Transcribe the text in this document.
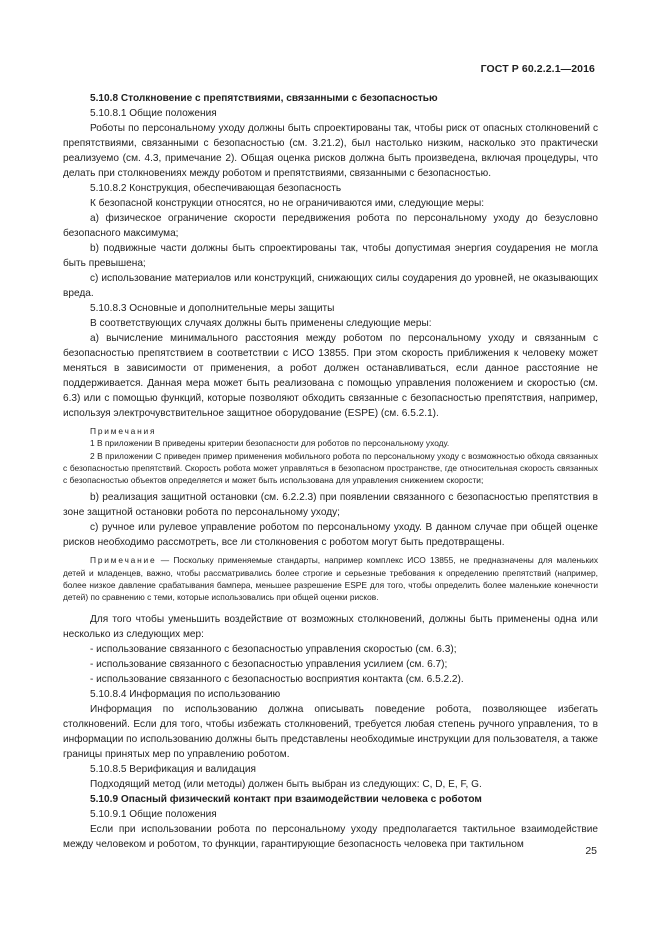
ГОСТ Р 60.2.2.1—2016

5.10.8 Столкновение с препятствиями, связанными с безопасностью

5.10.8.1 Общие положения

Роботы по персональному уходу должны быть спроектированы так, чтобы риск от опасных столкновений с препятствиями, связанными с безопасностью (см. 3.21.2), был настолько низким, насколько это практически реализуемо (см. 4.3, примечание 2). Общая оценка рисков должна быть произведена, включая процедуры, что делать при столкновениях между роботом и препятствиями, связанными с безопасностью.

5.10.8.2 Конструкция, обеспечивающая безопасность

К безопасной конструкции относятся, но не ограничиваются ими, следующие меры:

а) физическое ограничение скорости передвижения робота по персональному уходу до безусловно безопасного максимума;

b) подвижные части должны быть спроектированы так, чтобы допустимая энергия соударения не могла быть превышена;

c) использование материалов или конструкций, снижающих силы соударения до уровней, не оказывающих вреда.

5.10.8.3 Основные и дополнительные меры защиты

В соответствующих случаях должны быть применены следующие меры:

а) вычисление минимального расстояния между роботом по персональному уходу и связанным с безопасностью препятствием в соответствии с ИСО 13855. При этом скорость приближения к человеку может меняться в зависимости от применения, а робот должен останавливаться, если данное расстояние не поддерживается. Данная мера может быть реализована с помощью управления положением и скоростью (см. 6.3) или с помощью функций, которые позволяют обходить связанные с безопасностью препятствия, например, используя электрочувствительное защитное оборудование (ESPE) (см. 6.5.2.1).

Примечания

1 В приложении В приведены критерии безопасности для роботов по персональному уходу.

2 В приложении С приведен пример применения мобильного робота по персональному уходу с возможностью обхода связанных с безопасностью препятствий. Скорость робота может управляться в безопасном пространстве, где относительная скорость связанных с безопасностью объектов определяется и может быть использована для управления снижением скорости;

b) реализация защитной остановки (см. 6.2.2.3) при появлении связанного с безопасностью препятствия в зоне защитной остановки робота по персональному уходу;

c) ручное или рулевое управление роботом по персональному уходу. В данном случае при общей оценке рисков необходимо рассмотреть, все ли столкновения с роботом могут быть предотвращены.

Примечание — Поскольку применяемые стандарты, например комплекс ИСО 13855, не предназначены для маленьких детей и младенцев, важно, чтобы рассматривались более строгие и серьезные требования к определению препятствий (например, более низкое давление срабатывания бампера, меньшее разрешение ESPE для того, чтобы определить более маленькие конечности детей) по сравнению с теми, которые использовались при общей оценки рисков.

Для того чтобы уменьшить воздействие от возможных столкновений, должны быть применены одна или несколько из следующих мер:

- использование связанного с безопасностью управления скоростью (см. 6.3);

- использование связанного с безопасностью управления усилием (см. 6.7);

- использование связанного с безопасностью восприятия контакта (см. 6.5.2.2).

5.10.8.4 Информация по использованию

Информация по использованию должна описывать поведение робота, позволяющее избегать столкновений. Если для того, чтобы избежать столкновений, требуется любая степень ручного управления, то в информации по использованию должны быть представлены необходимые инструкции для пользователя, а также границы принятых мер по управлению роботом.

5.10.8.5 Верификация и валидация

Подходящий метод (или методы) должен быть выбран из следующих: С, D, E, F, G.

5.10.9 Опасный физический контакт при взаимодействии человека с роботом

5.10.9.1 Общие положения

Если при использовании робота по персональному уходу предполагается тактильное взаимодействие между человеком и роботом, то функции, гарантирующие безопасность человека при тактильном

25
